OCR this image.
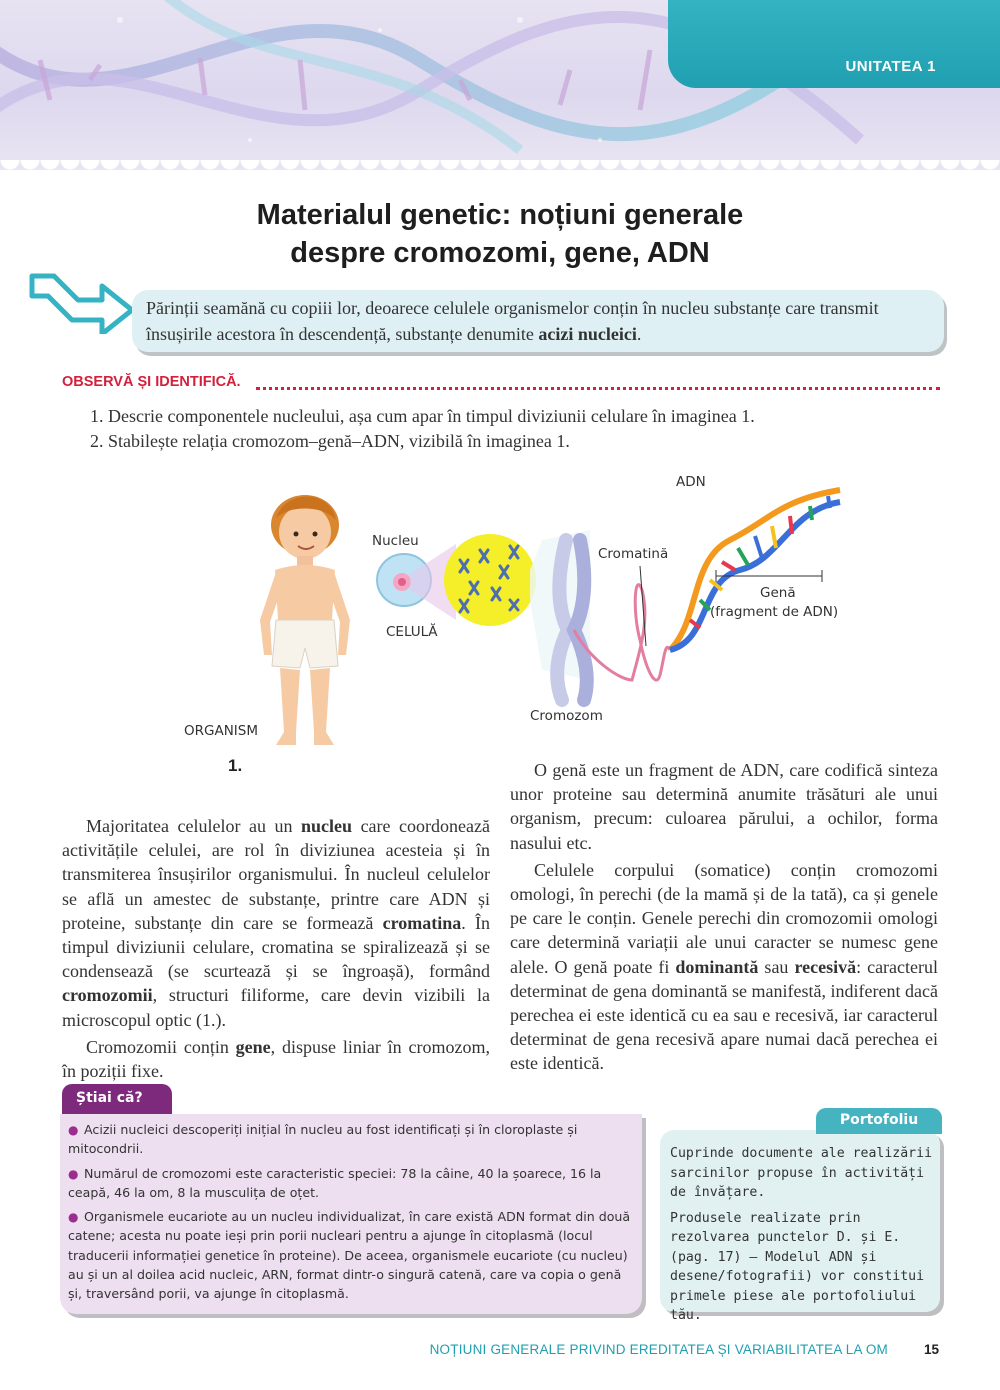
UNITATEA 1
Materialul genetic: noțiuni generale
despre cromozomi, gene, ADN
Părinții seamănă cu copiii lor, deoarece celulele organismelor conțin în nucleu substanțe care transmit însușirile acestora în descendență, substanțe denumite acizi nucleici.
OBSERVĂ ȘI IDENTIFICĂ.
1. Descrie componentele nucleului, așa cum apar în timpul diviziunii celulare în imaginea 1.
2. Stabilește relația cromozom–genă–ADN, vizibilă în imaginea 1.
Nucleu
CELULĂ
Cromatină
ADN
Genă
(fragment de ADN)
Cromozom
ORGANISM
1.

Majoritatea celulelor au un nucleu care coordonează activitățile celulei, are rol în diviziunea acesteia și în transmiterea însușirilor organismului. În nucleul celulelor se află un amestec de substanțe, printre care ADN și proteine, substanțe din care se formează cromatina. În timpul diviziunii celulare, cromatina se spiralizează și se condensează (se scurtează și se îngroașă), formând cromozomii, structuri filiforme, care devin vizibili la microscopul optic (1.).

Cromozomii conțin gene, dispuse liniar în cromozom, în poziții fixe.

O genă este un fragment de ADN, care codifică sinteza unor proteine sau determină anumite trăsături ale unui organism, precum: culoarea părului, a ochilor, forma nasului etc.

Celulele corpului (somatice) conțin cromozomi omologi, în perechi (de la mamă și de la tată), ca și genele pe care le conțin. Genele perechi din cromozomii omologi care determină variații ale unui caracter se numesc gene alele. O genă poate fi dominantă sau recesivă: caracterul determinat de gena dominantă se manifestă, indiferent dacă perechea ei este identică cu ea sau e recesivă, iar caracterul determinat de gena recesivă apare numai dacă perechea ei este identică.

Știai că?

● Acizii nucleici descoperiți inițial în nucleu au fost identificați și în cloroplaste și mitocondrii.

● Numărul de cromozomi este caracteristic speciei: 78 la câine, 40 la șoarece, 16 la ceapă, 46 la om, 8 la musculița de oțet.

● Organismele eucariote au un nucleu individualizat, în care există ADN format din două catene; acesta nu poate ieși prin porii nucleari pentru a ajunge în citoplasmă (locul traducerii informației genetice în proteine). De aceea, organismele eucariote (cu nucleu) au și un al doilea acid nucleic, ARN, format dintr-o singură catenă, care va copia o genă și, traversând porii, va ajunge în citoplasmă.

Portofoliu

Cuprinde documente ale realizării sarcinilor propuse în activități de învățare.

Produsele realizate prin rezolvarea punctelor D. și E. (pag. 17) – Modelul ADN și desene/fotografii) vor constitui primele piese ale portofoliului tău.

NOȚIUNI GENERALE PRIVIND EREDITATEA ȘI VARIABILITATEA LA OM	15
